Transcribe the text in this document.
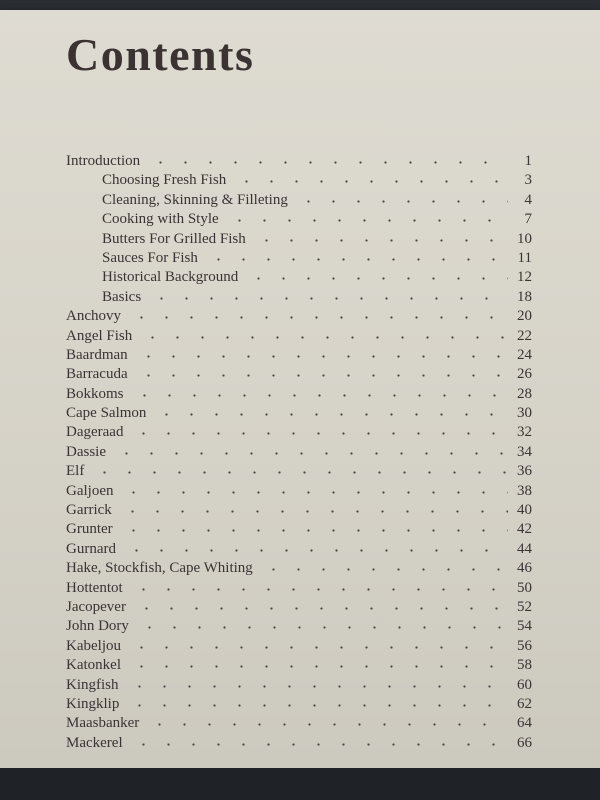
Contents
Introduction	1
Choosing Fresh Fish	3
Cleaning, Skinning & Filleting	4
Cooking with Style	7
Butters For Grilled Fish	10
Sauces For Fish	11
Historical Background	12
Basics	18
Anchovy	20
Angel Fish	22
Baardman	24
Barracuda	26
Bokkoms	28
Cape Salmon	30
Dageraad	32
Dassie	34
Elf	36
Galjoen	38
Garrick	40
Grunter	42
Gurnard	44
Hake, Stockfish, Cape Whiting	46
Hottentot	50
Jacopever	52
John Dory	54
Kabeljou	56
Katonkel	58
Kingfish	60
Kingklip	62
Maasbanker	64
Mackerel	66
